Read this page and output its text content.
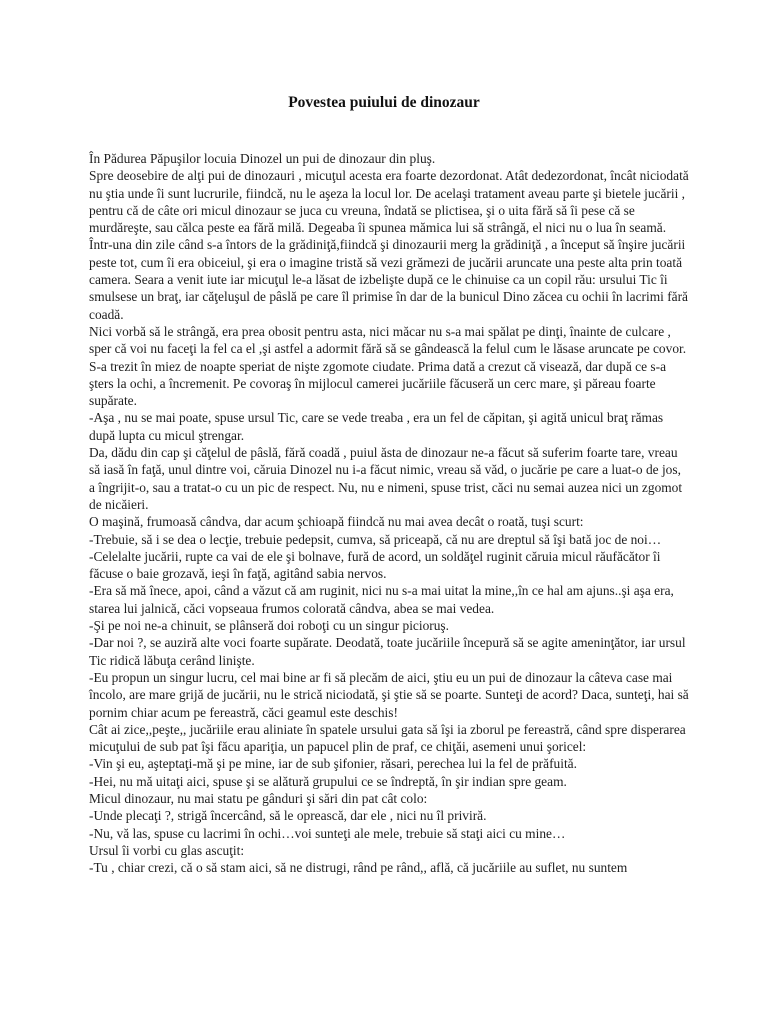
Povestea puiului de dinozaur

În Pădurea Păpuşilor locuia Dinozel un pui de dinozaur din pluş.

Spre deosebire de alţi pui de dinozauri , micuţul acesta era foarte dezordonat. Atât dedezordonat, încât niciodată nu ştia unde îi sunt lucrurile, fiindcă, nu le aşeza la locul lor. De acelaşi tratament aveau parte şi bietele jucării , pentru că de câte ori micul dinozaur se juca cu vreuna, îndată se plictisea, şi o uita fără să îi pese că se murdăreşte, sau călca peste ea fără milă. Degeaba îi spunea mămica lui să strângă, el nici nu o lua în seamă.

Într-una din zile când s-a întors de la grădiniţă,fiindcă şi dinozaurii merg la grădiniţă , a început să înşire jucării peste tot, cum îi era obiceiul, şi era o imagine tristă să vezi grămezi de jucării aruncate una peste alta prin toată camera. Seara a venit iute iar micuţul le-a lăsat de izbelişte după ce le chinuise ca un copil rău: ursului Tic îi smulsese un braţ, iar căţeluşul de pâslă pe care îl primise în dar de la bunicul Dino zăcea cu ochii în lacrimi fără coadă.

Nici vorbă să le strângă, era prea obosit pentru asta, nici măcar nu s-a mai spălat pe dinţi, înainte de culcare , sper că voi nu faceţi la fel ca el ,şi astfel a adormit fără să se gândească la felul cum le lăsase aruncate pe covor. S-a trezit în miez de noapte speriat de nişte zgomote ciudate. Prima dată a crezut că visează, dar după ce s-a şters la ochi, a încremenit. Pe covoraş în mijlocul camerei jucăriile făcuseră un cerc mare, şi păreau foarte supărate.

-Aşa , nu se mai poate, spuse ursul Tic, care se vede treaba , era un fel de căpitan, şi agită unicul braţ rămas după lupta cu micul ştrengar.

Da, dădu din cap şi căţelul de pâslă, fără coadă , puiul ăsta de dinozaur ne-a făcut să suferim foarte tare, vreau să iasă în faţă, unul dintre voi, căruia Dinozel nu i-a făcut nimic, vreau să văd, o jucărie pe care a luat-o de jos, a îngrijit-o, sau a tratat-o cu un pic de respect. Nu, nu e nimeni, spuse trist, căci nu semai auzea nici un zgomot de nicăieri.

O maşină, frumoasă cândva, dar acum şchioapă fiindcă nu mai avea decât o roată, tuşi scurt:

-Trebuie, să i se dea o lecţie, trebuie pedepsit, cumva, să priceapă, că nu are dreptul să îşi bată joc de noi…

-Celelalte jucării, rupte ca vai de ele şi bolnave, fură de acord, un soldăţel ruginit căruia micul răufăcător îi făcuse o baie grozavă, ieşi în faţă, agitând sabia nervos.

-Era să mă înece, apoi, când a văzut că am ruginit, nici nu s-a mai uitat la mine,,în ce hal am ajuns..şi aşa era, starea lui jalnică, căci vopseaua frumos colorată cândva, abea se mai vedea.

-Şi pe noi ne-a chinuit, se plânseră doi roboţi cu un singur picioruş.

-Dar noi ?, se auziră alte voci foarte supărate. Deodată, toate jucăriile începură să se agite ameninţător, iar ursul Tic ridică lăbuţa cerând linişte.

-Eu propun un singur lucru, cel mai bine ar fi să plecăm de aici, ştiu eu un pui de dinozaur la câteva case mai încolo, are mare grijă de jucării, nu le strică niciodată, şi ştie să se poarte. Sunteţi de acord? Daca, sunteţi, hai să pornim chiar acum pe fereastră, căci geamul este deschis!

Cât ai zice,,peşte,, jucăriile erau aliniate în spatele ursului gata să îşi ia zborul pe fereastră, când spre disperarea micuţului de sub pat îşi făcu apariţia, un papucel plin de praf, ce chiţăi, asemeni unui şoricel:

-Vin şi eu, aşteptaţi-mă şi pe mine, iar de sub şifonier, răsari, perechea lui la fel de prăfuită.

-Hei, nu mă uitaţi aici, spuse şi se alătură grupului ce se îndreptă, în şir indian spre geam.

Micul dinozaur, nu mai statu pe gânduri şi sări din pat cât colo:

-Unde plecaţi ?, strigă încercând, să le oprească, dar ele , nici nu îl priviră.

-Nu, vă las, spuse cu lacrimi în ochi…voi sunteţi ale mele, trebuie să staţi aici cu mine…

Ursul îi vorbi cu glas ascuţit:

-Tu , chiar crezi, că o să stam aici, să ne distrugi, rând pe rând,, află, că jucăriile au suflet, nu suntem
